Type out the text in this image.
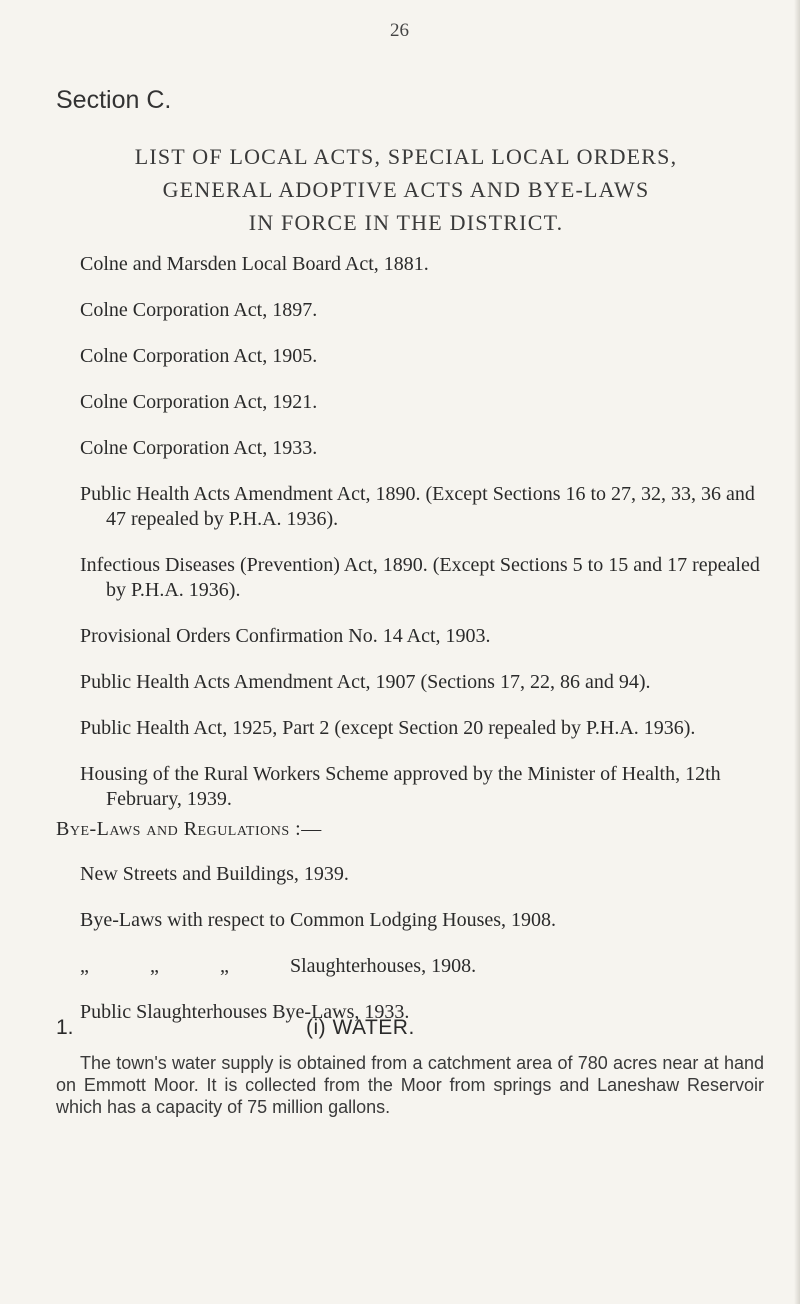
26
Section C.
LIST OF LOCAL ACTS, SPECIAL LOCAL ORDERS,
GENERAL ADOPTIVE ACTS AND BYE-LAWS
IN FORCE IN THE DISTRICT.
Colne and Marsden Local Board Act, 1881.
Colne Corporation Act, 1897.
Colne Corporation Act, 1905.
Colne Corporation Act, 1921.
Colne Corporation Act, 1933.
Public Health Acts Amendment Act, 1890. (Except Sections 16 to 27, 32, 33, 36 and 47 repealed by P.H.A. 1936).
Infectious Diseases (Prevention) Act, 1890. (Except Sections 5 to 15 and 17 repealed by P.H.A. 1936).
Provisional Orders Confirmation No. 14 Act, 1903.
Public Health Acts Amendment Act, 1907 (Sections 17, 22, 86 and 94).
Public Health Act, 1925, Part 2 (except Section 20 repealed by P.H.A. 1936).
Housing of the Rural Workers Scheme approved by the Minister of Health, 12th February, 1939.
Bye-Laws and Regulations :—
New Streets and Buildings, 1939.
Bye-Laws with respect to Common Lodging Houses, 1908.
„	„	„	Slaughterhouses, 1908.
Public Slaughterhouses Bye-Laws, 1933.
1.	(i) WATER.
The town's water supply is obtained from a catchment area of 780 acres near at hand on Emmott Moor. It is collected from the Moor from springs and Laneshaw Reservoir which has a capacity of 75 million gallons.
